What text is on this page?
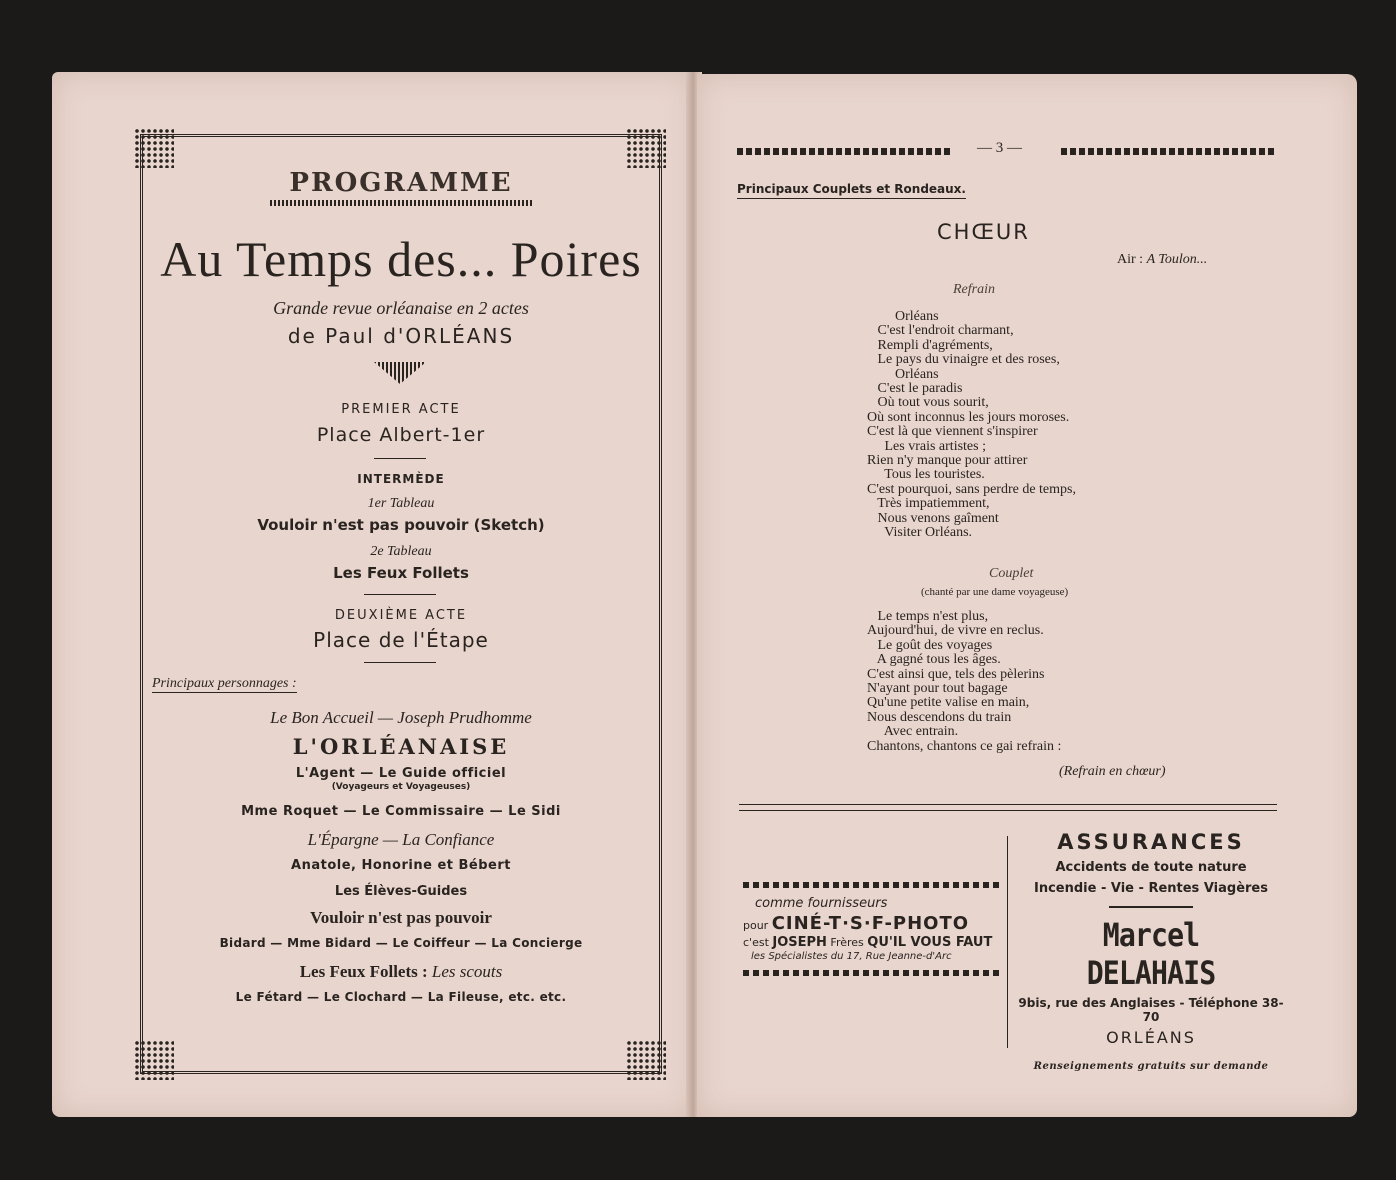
PROGRAMME
Au Temps des... Poires
Grande revue orléanaise en 2 actes
de Paul d'ORLÉANS
PREMIER ACTE
Place Albert-1er
INTERMÈDE
1er Tableau
Vouloir n'est pas pouvoir (Sketch)
2e Tableau
Les Feux Follets
DEUXIÈME ACTE
Place de l'Étape
Principaux personnages :
Le Bon Accueil — Joseph Prudhomme
L'ORLÉANAISE
L'Agent — Le Guide officiel
(Voyageurs et Voyageuses)
Mme Roquet — Le Commissaire — Le Sidi
L'Épargne — La Confiance
Anatole, Honorine et Bébert
Les Élèves-Guides
Vouloir n'est pas pouvoir
Bidard — Mme Bidard — Le Coiffeur — La Concierge
Les Feux Follets : Les scouts
Le Fétard — Le Clochard — La Fileuse, etc. etc.
— 3 —
Principaux Couplets et Rondeaux.
CHŒUR
Air : A Toulon...
Refrain
Orléans
C'est l'endroit charmant,
Rempli d'agréments,
Le pays du vinaigre et des roses,
Orléans
C'est le paradis
Où tout vous sourit,
Où sont inconnus les jours moroses.
C'est là que viennent s'inspirer
Les vrais artistes ;
Rien n'y manque pour attirer
Tous les touristes.
C'est pourquoi, sans perdre de temps,
Très impatiemment,
Nous venons gaîment
Visiter Orléans.
Couplet
(chanté par une dame voyageuse)
Le temps n'est plus,
Aujourd'hui, de vivre en reclus.
Le goût des voyages
A gagné tous les âges.
C'est ainsi que, tels des pèlerins
N'ayant pour tout bagage
Qu'une petite valise en main,
Nous descendons du train
Avec entrain.
Chantons, chantons ce gai refrain :
(Refrain en chœur)
comme fournisseurs
pour CINÉ-T·S·F-PHOTO
c'est JOSEPH Frères QU'IL VOUS FAUT
les Spécialistes du 17, Rue Jeanne-d'Arc
ASSURANCES
Accidents de toute nature
Incendie - Vie - Rentes Viagères
Marcel DELAHAIS
9bis, rue des Anglaises - Téléphone 38-70
ORLÉANS
Renseignements gratuits sur demande
